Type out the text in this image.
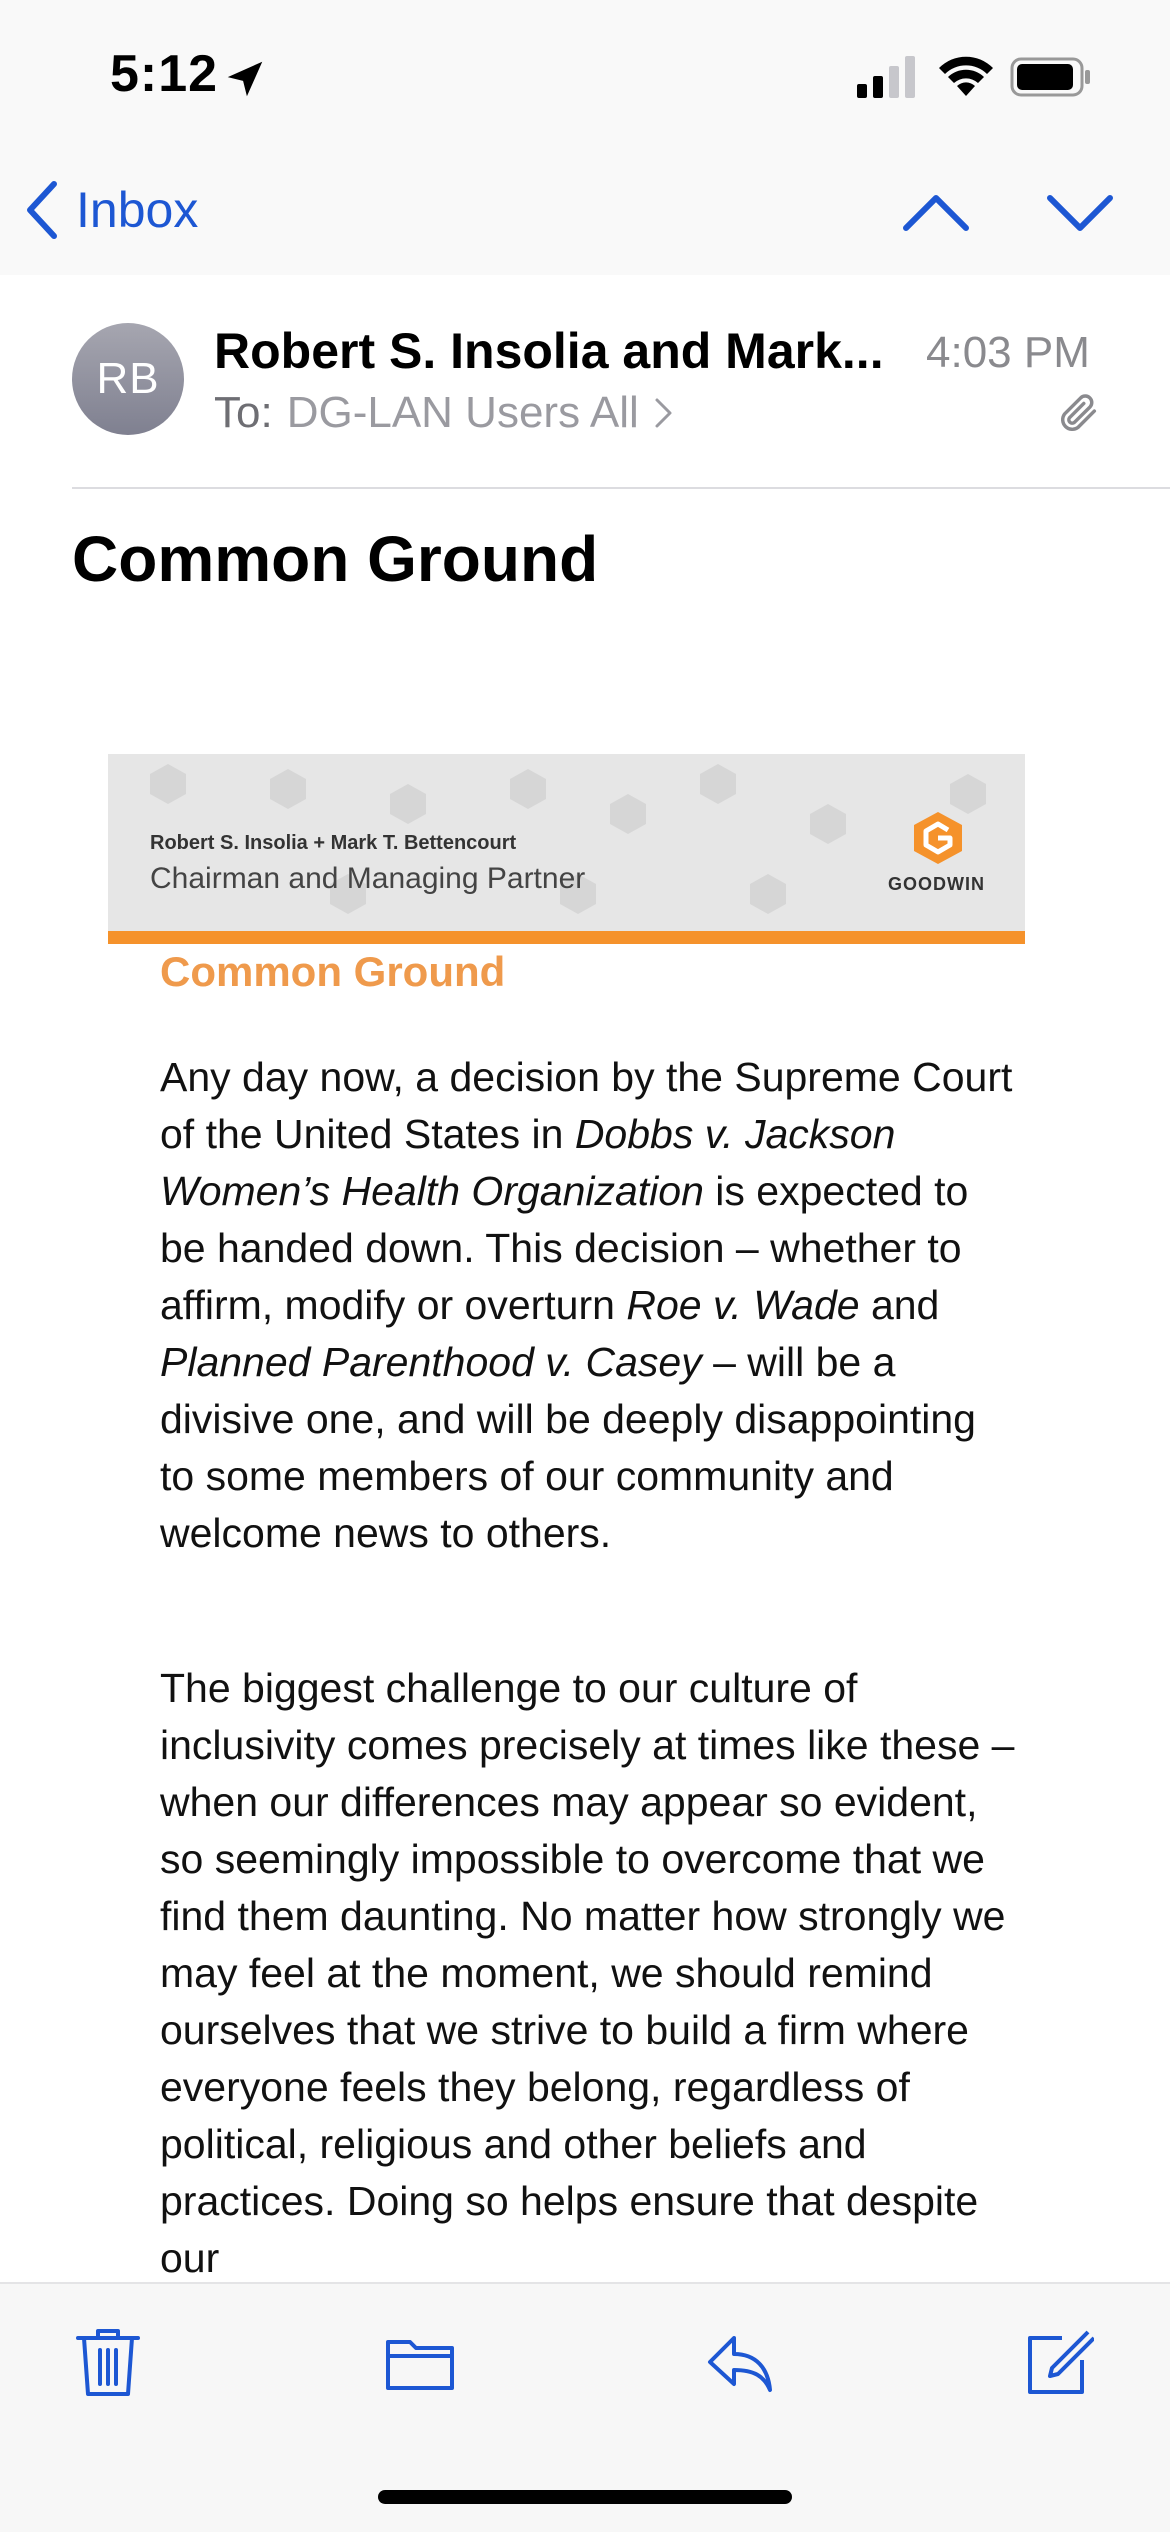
5:12
Inbox
RB	Robert S. Insolia and Mark... 4:03 PM
To: DG-LAN Users All
Common Ground
Robert S. Insolia + Mark T. Bettencourt
Chairman and Managing Partner	GOODWIN
Common Ground

Any day now, a decision by the Supreme Court of the United States in Dobbs v. Jackson Women’s Health Organization is expected to be handed down. This decision – whether to affirm, modify or overturn Roe v. Wade and Planned Parenthood v. Casey – will be a divisive one, and will be deeply disappointing to some members of our community and welcome news to others.

The biggest challenge to our culture of inclusivity comes precisely at times like these – when our differences may appear so evident, so seemingly impossible to overcome that we find them daunting. No matter how strongly we may feel at the moment, we should remind ourselves that we strive to build a firm where everyone feels they belong, regardless of political, religious and other beliefs and practices. Doing so helps ensure that despite our
